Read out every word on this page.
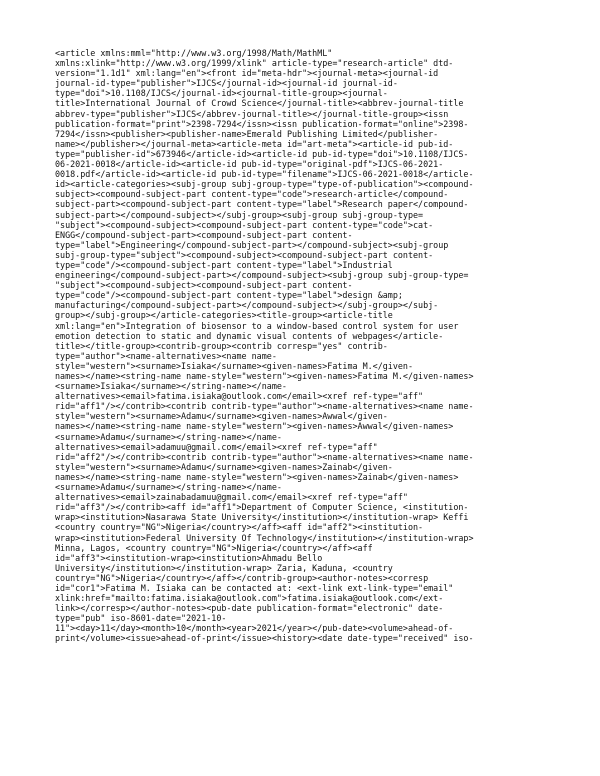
<article xmlns:mml="http://www.w3.org/1998/Math/MathML"
xmlns:xlink="http://www.w3.org/1999/xlink" article-type="research-article" dtd-
version="1.1d1" xml:lang="en"><front id="meta-hdr"><journal-meta><journal-id
journal-id-type="publisher">IJCS</journal-id><journal-id journal-id-
type="doi">10.1108/IJCS</journal-id><journal-title-group><journal-
title>International Journal of Crowd Science</journal-title><abbrev-journal-title
abbrev-type="publisher">IJCS</abbrev-journal-title></journal-title-group><issn
publication-format="print">2398-7294</issn><issn publication-format="online">2398-
7294</issn><publisher><publisher-name>Emerald Publishing Limited</publisher-
name></publisher></journal-meta><article-meta id="art-meta"><article-id pub-id-
type="publisher-id">673946</article-id><article-id pub-id-type="doi">10.1108/IJCS-
06-2021-0018</article-id><article-id pub-id-type="original-pdf">IJCS-06-2021-
0018.pdf</article-id><article-id pub-id-type="filename">IJCS-06-2021-0018</article-
id><article-categories><subj-group subj-group-type="type-of-publication"><compound-
subject><compound-subject-part content-type="code">research-article</compound-
subject-part><compound-subject-part content-type="label">Research paper</compound-
subject-part></compound-subject></subj-group><subj-group subj-group-type=
"subject"><compound-subject><compound-subject-part content-type="code">cat-
ENGG</compound-subject-part><compound-subject-part content-
type="label">Engineering</compound-subject-part></compound-subject><subj-group
subj-group-type="subject"><compound-subject><compound-subject-part content-
type="code"/><compound-subject-part content-type="label">Industrial
engineering</compound-subject-part></compound-subject><subj-group subj-group-type=
"subject"><compound-subject><compound-subject-part content-
type="code"/><compound-subject-part content-type="label">design &amp;
manufacturing</compound-subject-part></compound-subject></subj-group></subj-
group></subj-group></article-categories><title-group><article-title
xml:lang="en">Integration of biosensor to a window-based control system for user
emotion detection to static and dynamic visual contents of webpages</article-
title></title-group><contrib-group><contrib corresp="yes" contrib-
type="author"><name-alternatives><name name-
style="western"><surname>Isiaka</surname><given-names>Fatima M.</given-
names></name><string-name name-style="western"><given-names>Fatima M.</given-names>
<surname>Isiaka</surname></string-name></name-
alternatives><email>fatima.isiaka@outlook.com</email><xref ref-type="aff"
rid="aff1"/></contrib><contrib contrib-type="author"><name-alternatives><name name-
style="western"><surname>Adamu</surname><given-names>Awwal</given-
names></name><string-name name-style="western"><given-names>Awwal</given-names>
<surname>Adamu</surname></string-name></name-
alternatives><email>adamuu@gmail.com</email><xref ref-type="aff"
rid="aff2"/></contrib><contrib contrib-type="author"><name-alternatives><name name-
style="western"><surname>Adamu</surname><given-names>Zainab</given-
names></name><string-name name-style="western"><given-names>Zainab</given-names>
<surname>Adamu</surname></string-name></name-
alternatives><email>zainabadamuu@gmail.com</email><xref ref-type="aff"
rid="aff3"/></contrib><aff id="aff1">Department of Computer Science, <institution-
wrap><institution>Nasarawa State University</institution></institution-wrap> Keffi
<country country="NG">Nigeria</country></aff><aff id="aff2"><institution-
wrap><institution>Federal University Of Technology</institution></institution-wrap>
Minna, Lagos, <country country="NG">Nigeria</country></aff><aff
id="aff3"><institution-wrap><institution>Ahmadu Bello
University</institution></institution-wrap> Zaria, Kaduna, <country
country="NG">Nigeria</country></aff></contrib-group><author-notes><corresp
id="cor1">Fatima M. Isiaka can be contacted at: <ext-link ext-link-type="email"
xlink:href="mailto:fatima.isiaka@outlook.com">fatima.isiaka@outlook.com</ext-
link></corresp></author-notes><pub-date publication-format="electronic" date-
type="pub" iso-8601-date="2021-10-
11"><day>11</day><month>10</month><year>2021</year></pub-date><volume>ahead-of-
print</volume><issue>ahead-of-print</issue><history><date date-type="received" iso-
